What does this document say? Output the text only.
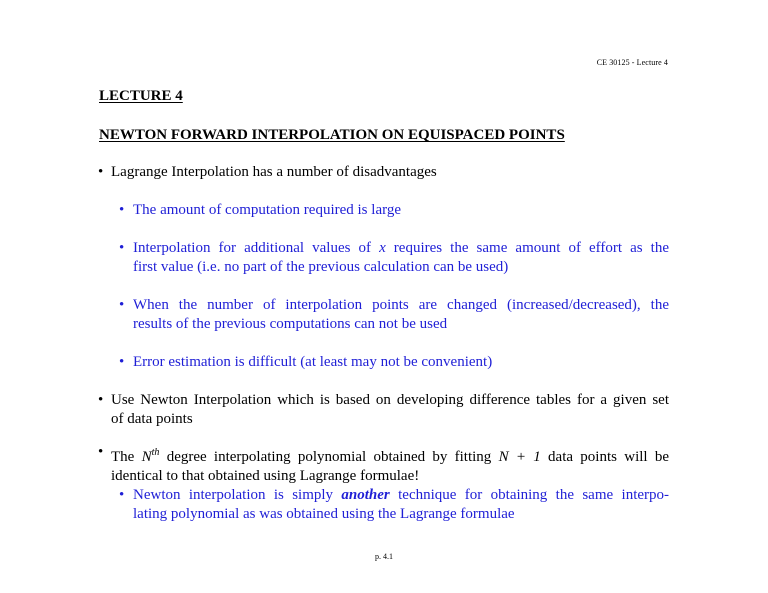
CE 30125 - Lecture 4
LECTURE 4
NEWTON FORWARD INTERPOLATION ON EQUISPACED POINTS
• Lagrange Interpolation has a number of disadvantages
• The amount of computation required is large
• Interpolation for additional values of x requires the same amount of effort as the
first value (i.e. no part of the previous calculation can be used)
• When the number of interpolation points are changed (increased/decreased), the
results of the previous computations can not be used
• Error estimation is difficult (at least may not be convenient)
• Use Newton Interpolation which is based on developing difference tables for a given set
of data points
• The $N^{th}$ degree interpolating polynomial obtained by fitting N + 1 data points will be
identical to that obtained using Lagrange formulae!
• Newton interpolation is simply another technique for obtaining the same interpo-
lating polynomial as was obtained using the Lagrange formulae
p. 4.1
